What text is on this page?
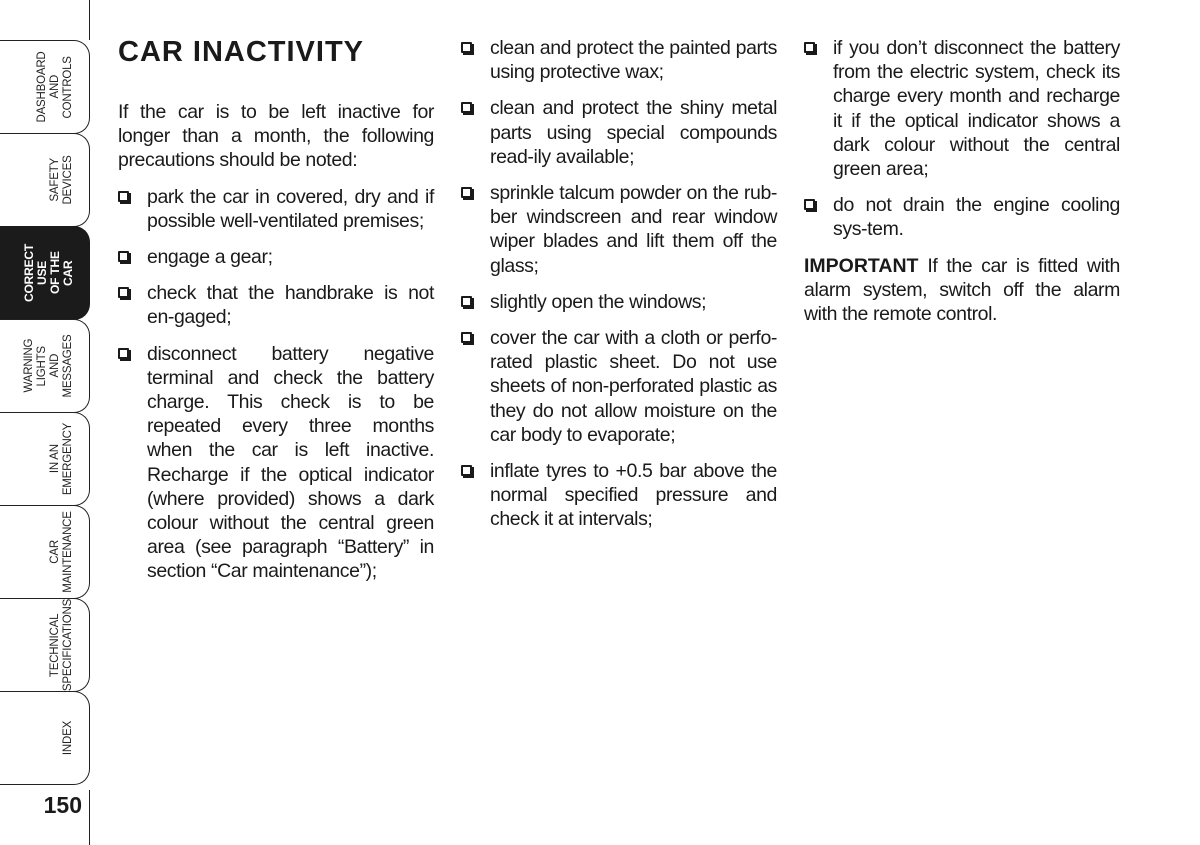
DASHBOARD
AND
CONTROLS
SAFETY
DEVICES
CORRECT USE
OF THE CAR
WARNING
LIGHTS AND
MESSAGES
IN AN
EMERGENCY
CAR
MAINTENANCE
TECHNICAL
SPECIFICATIONS
INDEX
150
CAR INACTIVITY

If the car is to be left inactive for longer than a month, the following precautions should be noted:

park the car in covered, dry and if possible well-ventilated premises;
engage a gear;
check that the handbrake is not en-gaged;
disconnect battery negative terminal and check the battery charge. This check is to be repeated every three months when the car is left inactive. Recharge if the optical indicator (where provided) shows a dark colour without the central green area (see paragraph “Battery” in section “Car maintenance”);
clean and protect the painted parts using protective wax;
clean and protect the shiny metal parts using special compounds read-ily available;
sprinkle talcum powder on the rub-ber windscreen and rear window wiper blades and lift them off the glass;
slightly open the windows;
cover the car with a cloth or perfo-rated plastic sheet. Do not use sheets of non-perforated plastic as they do not allow moisture on the car body to evaporate;
inflate tyres to +0.5 bar above the normal specified pressure and check it at intervals;
if you don’t disconnect the battery from the electric system, check its charge every month and recharge it if the optical indicator shows a dark colour without the central green area;
do not drain the engine cooling sys-tem.

IMPORTANT If the car is fitted with alarm system, switch off the alarm with the remote control.
